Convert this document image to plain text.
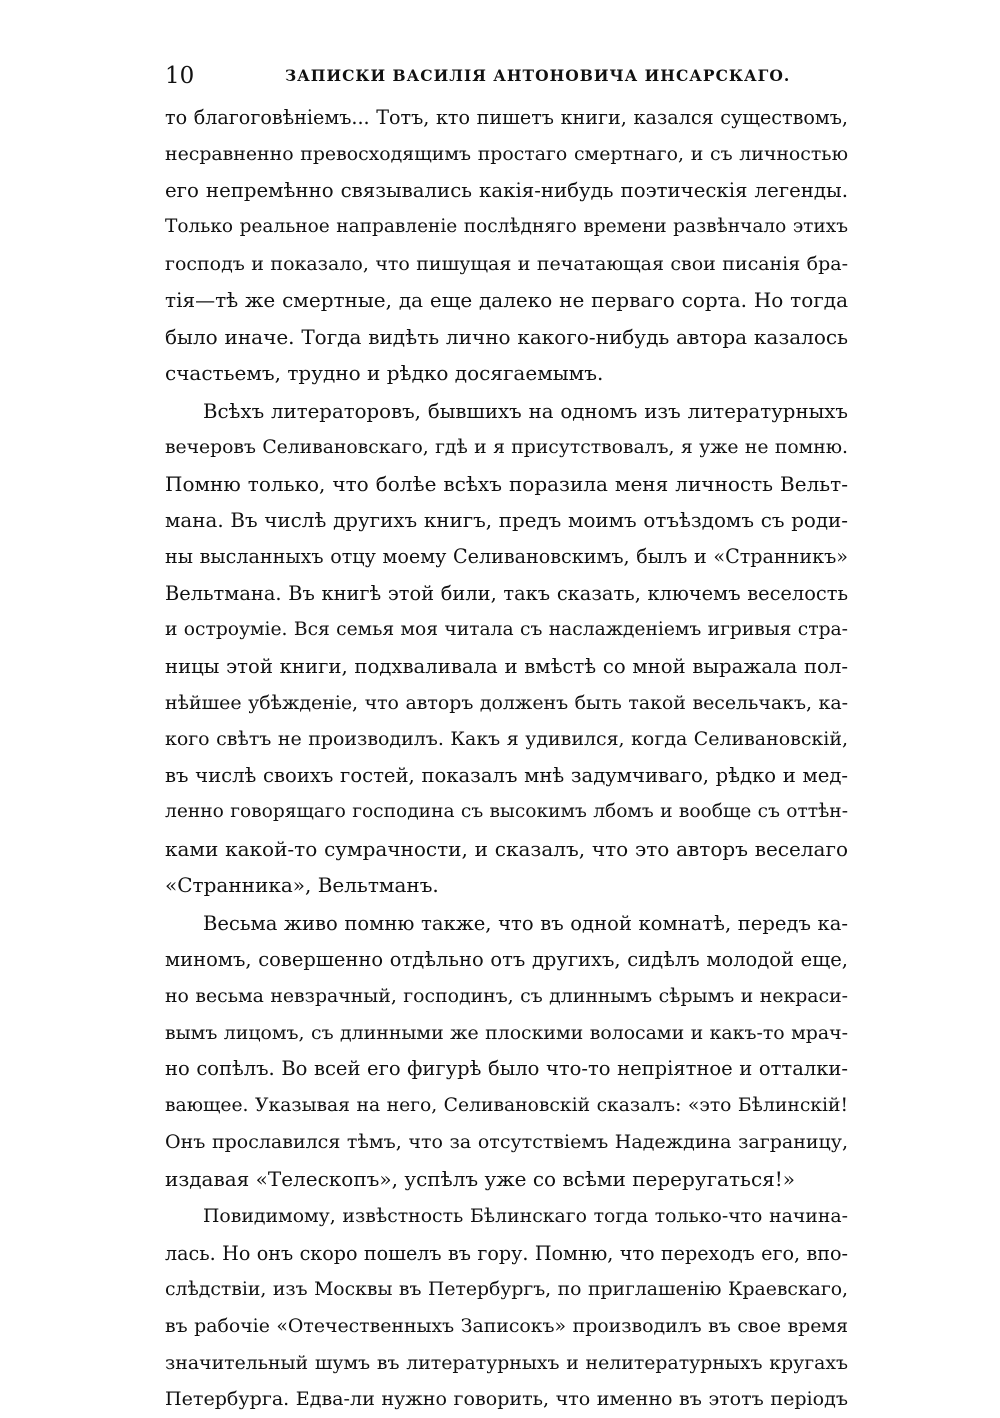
10	ЗАПИСКИ ВАСИЛІЯ АНТОНОВИЧА ИНСАРСКАГО.
то благоговѣніемъ... Тотъ, кто пишетъ книги, казался существомъ,
несравненно превосходящимъ простаго смертнаго, и съ личностью
его непремѣнно связывались какія-нибудь поэтическія легенды.
Только реальное направленіе послѣдняго времени развѣнчало этихъ
господъ и показало, что пишущая и печатающая свои писанія бра-
тія—тѣ же смертные, да еще далеко не перваго сорта. Но тогда
было иначе. Тогда видѣть лично какого-нибудь автора казалось
счастьемъ, трудно и рѣдко досягаемымъ.
Всѣхъ литераторовъ, бывшихъ на одномъ изъ литературныхъ
вечеровъ Селивановскаго, гдѣ и я присутствовалъ, я уже не помню.
Помню только, что болѣе всѣхъ поразила меня личность Вельт-
мана. Въ числѣ другихъ книгъ, предъ моимъ отъѣздомъ съ роди-
ны высланныхъ отцу моему Селивановскимъ, былъ и «Странникъ»
Вельтмана. Въ книгѣ этой били, такъ сказать, ключемъ веселость
и остроуміе. Вся семья моя читала съ наслажденіемъ игривыя стра-
ницы этой книги, подхваливала и вмѣстѣ со мной выражала пол-
нѣйшее убѣжденіе, что авторъ долженъ быть такой весельчакъ, ка-
кого свѣтъ не производилъ. Какъ я удивился, когда Селивановскій,
въ числѣ своихъ гостей, показалъ мнѣ задумчиваго, рѣдко и мед-
ленно говорящаго господина съ высокимъ лбомъ и вообще съ оттѣн-
ками какой-то сумрачности, и сказалъ, что это авторъ веселаго
«Странника», Вельтманъ.
Весьма живо помню также, что въ одной комнатѣ, передъ ка-
миномъ, совершенно отдѣльно отъ другихъ, сидѣлъ молодой еще,
но весьма невзрачный, господинъ, съ длиннымъ сѣрымъ и некраси-
вымъ лицомъ, съ длинными же плоскими волосами и какъ-то мрач-
но сопѣлъ. Во всей его фигурѣ было что-то непріятное и отталки-
вающее. Указывая на него, Селивановскій сказалъ: «это Бѣлинскій!
Онъ прославился тѣмъ, что за отсутствіемъ Надеждина заграницу,
издавая «Телескопъ», успѣлъ уже со всѣми переругаться!»
Повидимому, извѣстность Бѣлинскаго тогда только-что начина-
лась. Но онъ скоро пошелъ въ гору. Помню, что переходъ его, впо-
слѣдствіи, изъ Москвы въ Петербургъ, по приглашенію Краевскаго,
въ рабочіе «Отечественныхъ Записокъ» производилъ въ свое время
значительный шумъ въ литературныхъ и нелитературныхъ кругахъ
Петербурга. Едва-ли нужно говорить, что именно въ этотъ періодъ
